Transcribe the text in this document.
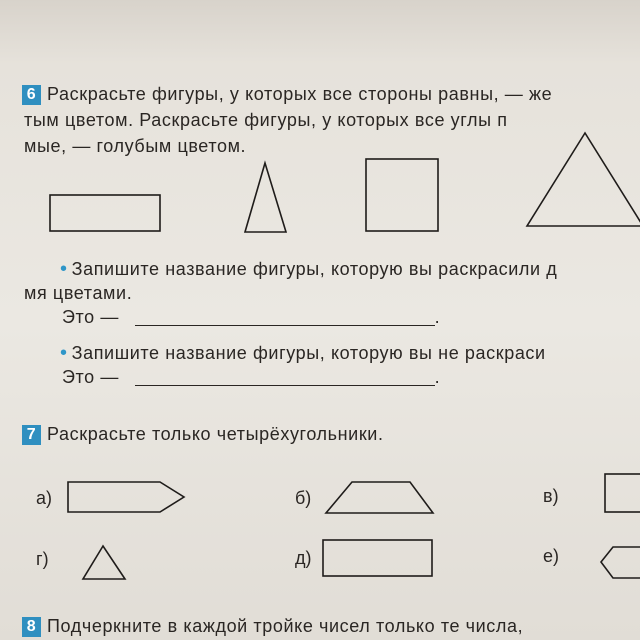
6 Раскрасьте фигуры, у которых все стороны равны, — же
тым цветом. Раскрасьте фигуры, у которых все углы п
мые, — голубым цветом.
• Запишите название фигуры, которую вы раскрасили д
мя цветами.
Это —	.
• Запишите название фигуры, которую вы не раскраси
Это —	.
7 Раскрасьте только четырёхугольники.
а)	б)	в)
г)	д)	е)
8 Подчеркните в каждой тройке чисел только те числа,
